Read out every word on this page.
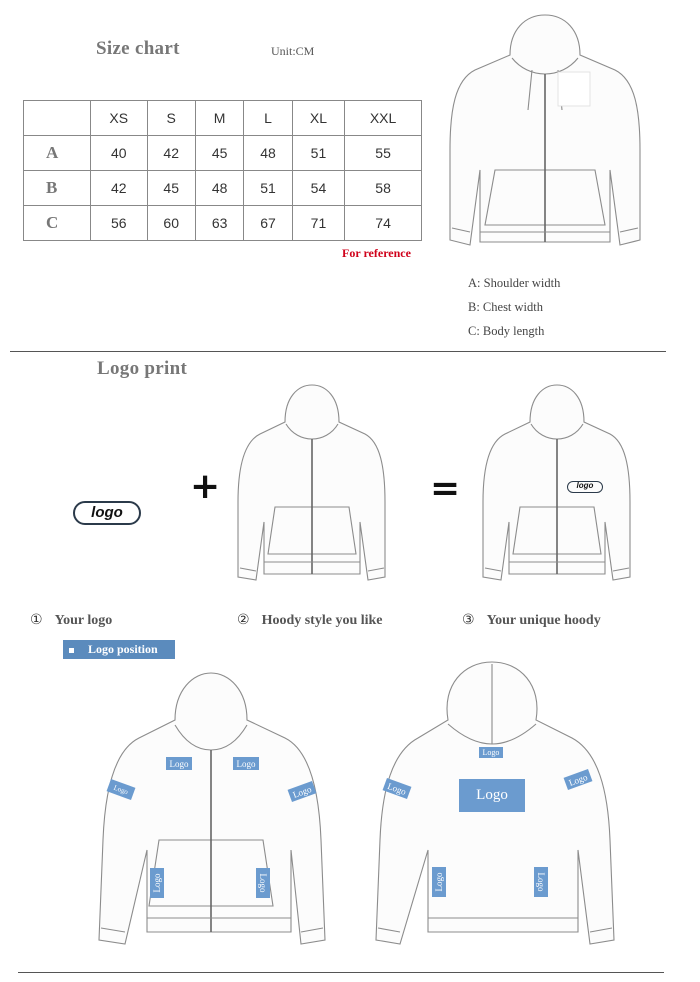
Size chart	Unit:CM
	XS	S	M	L	XL	XXL
A	40	42	45	48	51	55
B	42	45	48	51	54	58
C	56	60	63	67	71	74
For reference
A: Shoulder width
B: Chest width
C: Body length
Logo print
logo
+	=	logo
① Your logo	② Hoody style you like	③ Your unique hoody
Logo position
Logo	Logo
Logo	Logo
Logo	Logo
Logo
Logo
Logo
Logo
Logo	Logo
